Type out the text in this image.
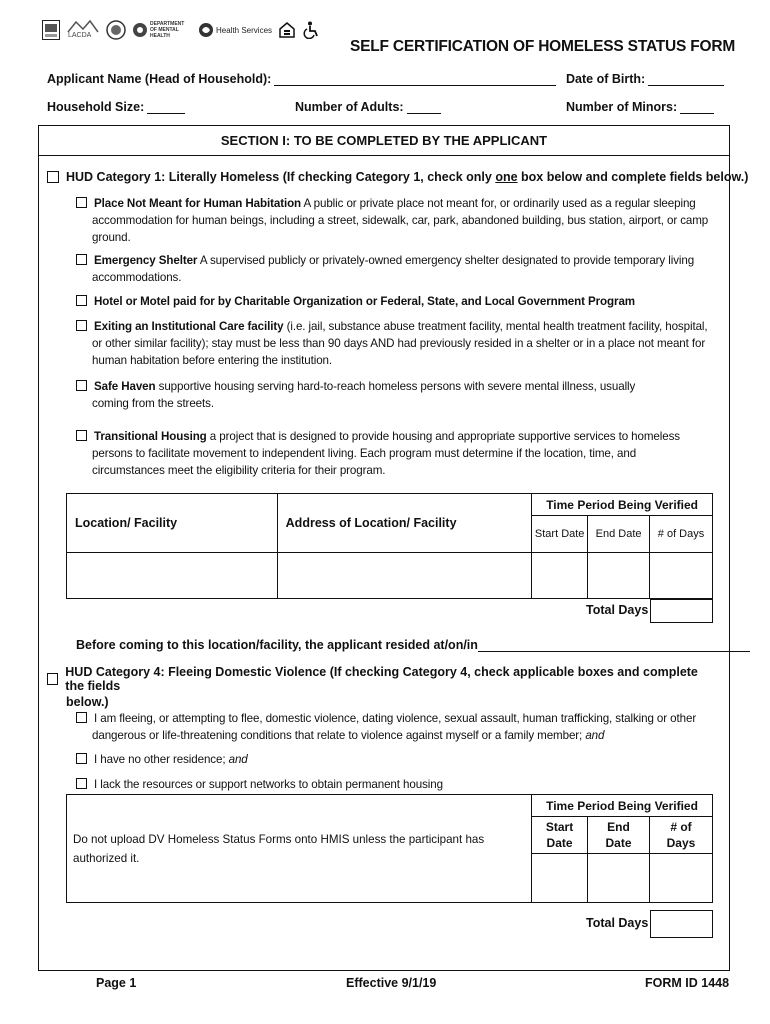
LACDA
DEPARTMENT OF MENTAL HEALTH
Health Services
SELF CERTIFICATION OF HOMELESS STATUS FORM
Applicant Name (Head of Household):	Date of Birth:
Household Size:	Number of Adults:	Number of Minors:
SECTION I: TO BE COMPLETED BY THE APPLICANT
HUD Category 1: Literally Homeless (If checking Category 1, check only one box below and complete fields below.)
Place Not Meant for Human Habitation A public or private place not meant for, or ordinarily used as a regular sleeping
accommodation for human beings, including a street, sidewalk, car, park, abandoned building, bus station, airport, or camp
ground.
Emergency Shelter A supervised publicly or privately-owned emergency shelter designated to provide temporary living
accommodations.
Hotel or Motel paid for by Charitable Organization or Federal, State, and Local Government Program
Exiting an Institutional Care facility (i.e. jail, substance abuse treatment facility, mental health treatment facility, hospital,
or other similar facility); stay must be less than 90 days AND had previously resided in a shelter or in a place not meant for
human habitation before entering the institution.
Safe Haven supportive housing serving hard-to-reach homeless persons with severe mental illness, usually
coming from the streets.
Transitional Housing a project that is designed to provide housing and appropriate supportive services to homeless
persons to facilitate movement to independent living. Each program must determine if the location, time, and
circumstances meet the eligibility criteria for their program.
Location/ Facility	Address of Location/ Facility	Time Period Being Verified		
		Start Date	End Date	# of Days

Total Days
Before coming to this location/facility, the applicant resided at/on/in
HUD Category 4: Fleeing Domestic Violence (If checking Category 4, check applicable boxes and complete the fields
below.)
I am fleeing, or attempting to flee, domestic violence, dating violence, sexual assault, human trafficking, stalking or other
dangerous or life-threatening conditions that relate to violence against myself or a family member; and
I have no other residence; and
I lack the resources or support networks to obtain permanent housing
Do not upload DV Homeless Status Forms onto HMIS unless the participant has
authorized it.	Time Period Being Verified		
	Start Date	End Date	# of Days

Total Days
Page 1	Effective 9/1/19	FORM ID 1448
